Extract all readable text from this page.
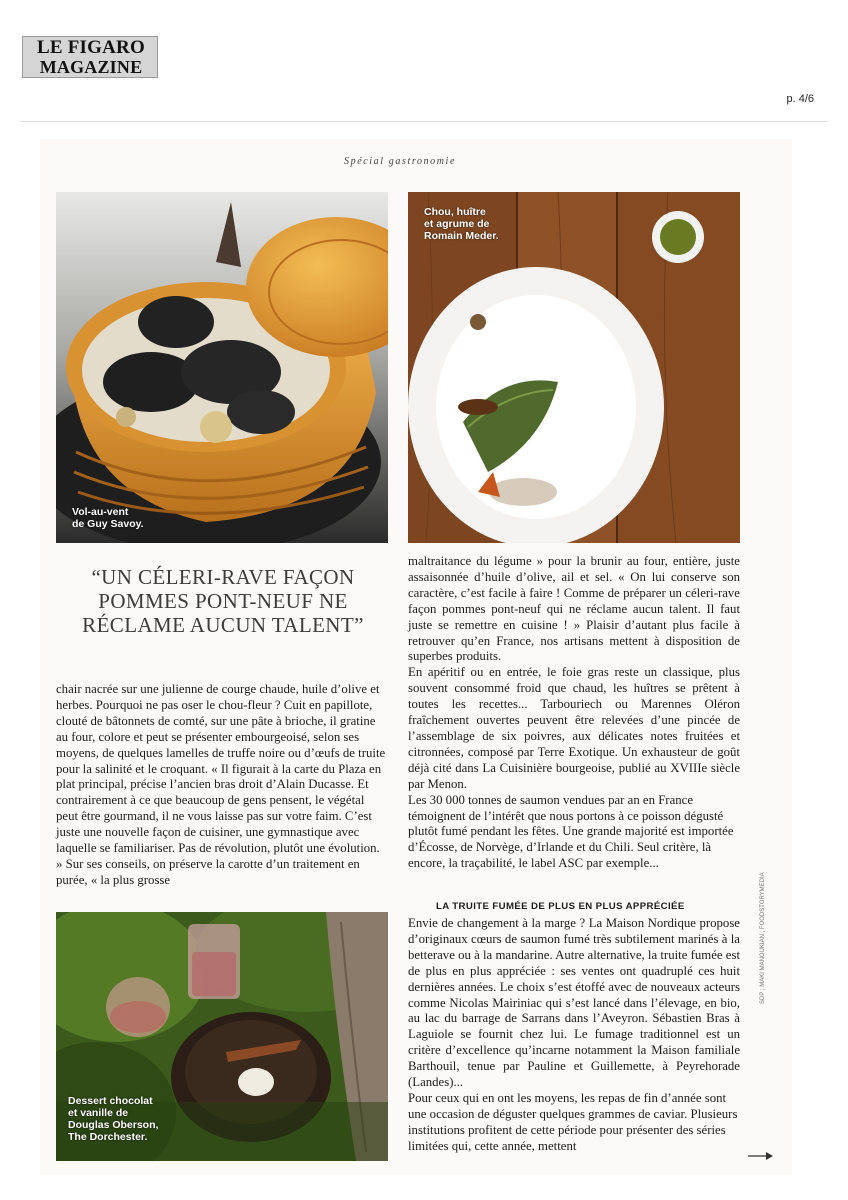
LE FIGARO
MAGAZINE
p. 4/6
Spécial gastronomie
Vol-au-vent
de Guy Savoy.
Chou, huître
et agrume de
Romain Meder.
Dessert chocolat
et vanille de
Douglas Oberson,
The Dorchester.
“UN CÉLERI-RAVE FAÇON POMMES PONT-NEUF NE RÉCLAME AUCUN TALENT”

chair nacrée sur une julienne de courge chaude, huile d’olive et herbes. Pourquoi ne pas oser le chou-fleur ? Cuit en papillote, clouté de bâtonnets de comté, sur une pâte à brioche, il gratine au four, colore et peut se présenter embourgeoisé, selon ses moyens, de quelques lamelles de truffe noire ou d’œufs de truite pour la salinité et le croquant. « Il figurait à la carte du Plaza en plat principal, précise l’ancien bras droit d’Alain Ducasse. Et contrairement à ce que beaucoup de gens pensent, le végétal peut être gourmand, il ne vous laisse pas sur votre faim. C’est juste une nouvelle façon de cuisiner, une gymnastique avec laquelle se familiariser. Pas de révolution, plutôt une évolution. » Sur ses conseils, on préserve la carotte d’un traitement en purée, « la plus grosse

maltraitance du légume » pour la brunir au four, entière, juste assaisonnée d’huile d’olive, ail et sel. « On lui conserve son caractère, c’est facile à faire ! Comme de préparer un céleri-rave façon pommes pont-neuf qui ne réclame aucun talent. Il faut juste se remettre en cuisine ! » Plaisir d’autant plus facile à retrouver qu’en France, nos artisans mettent à disposition de superbes produits.

En apéritif ou en entrée, le foie gras reste un classique, plus souvent consommé froid que chaud, les huîtres se prêtent à toutes les recettes... Tarbouriech ou Marennes Oléron fraîchement ouvertes peuvent être relevées d’une pincée de l’assemblage de six poivres, aux délicates notes fruitées et citronnées, composé par Terre Exotique. Un exhausteur de goût déjà cité dans La Cuisinière bourgeoise, publié au XVIIIe siècle par Menon.

Les 30 000 tonnes de saumon vendues par an en France témoignent de l’intérêt que nous portons à ce poisson dégusté plutôt fumé pendant les fêtes. Une grande majorité est importée d’Écosse, de Norvège, d’Irlande et du Chili. Seul critère, là encore, la traçabilité, le label ASC par exemple...

LA TRUITE FUMÉE DE PLUS EN PLUS APPRÉCIÉE

Envie de changement à la marge ? La Maison Nordique propose d’originaux cœurs de saumon fumé très subtilement marinés à la betterave ou à la mandarine. Autre alternative, la truite fumée est de plus en plus appréciée : ses ventes ont quadruplé ces huit dernières années. Le choix s’est étoffé avec de nouveaux acteurs comme Nicolas Mairiniac qui s’est lancé dans l’élevage, en bio, au lac du barrage de Sarrans dans l’Aveyron. Sébastien Bras à Laguiole se fournit chez lui. Le fumage traditionnel est un critère d’excellence qu’incarne notamment la Maison familiale Barthouil, tenue par Pauline et Guillemette, à Peyrehorade (Landes)...

Pour ceux qui en ont les moyens, les repas de fin d’année sont une occasion de déguster quelques grammes de caviar. Plusieurs institutions profitent de cette période pour présenter des séries limitées qui, cette année, mettent

SDP ; MAKI MANOUKIAN ; FOODSTORYMEDIA
